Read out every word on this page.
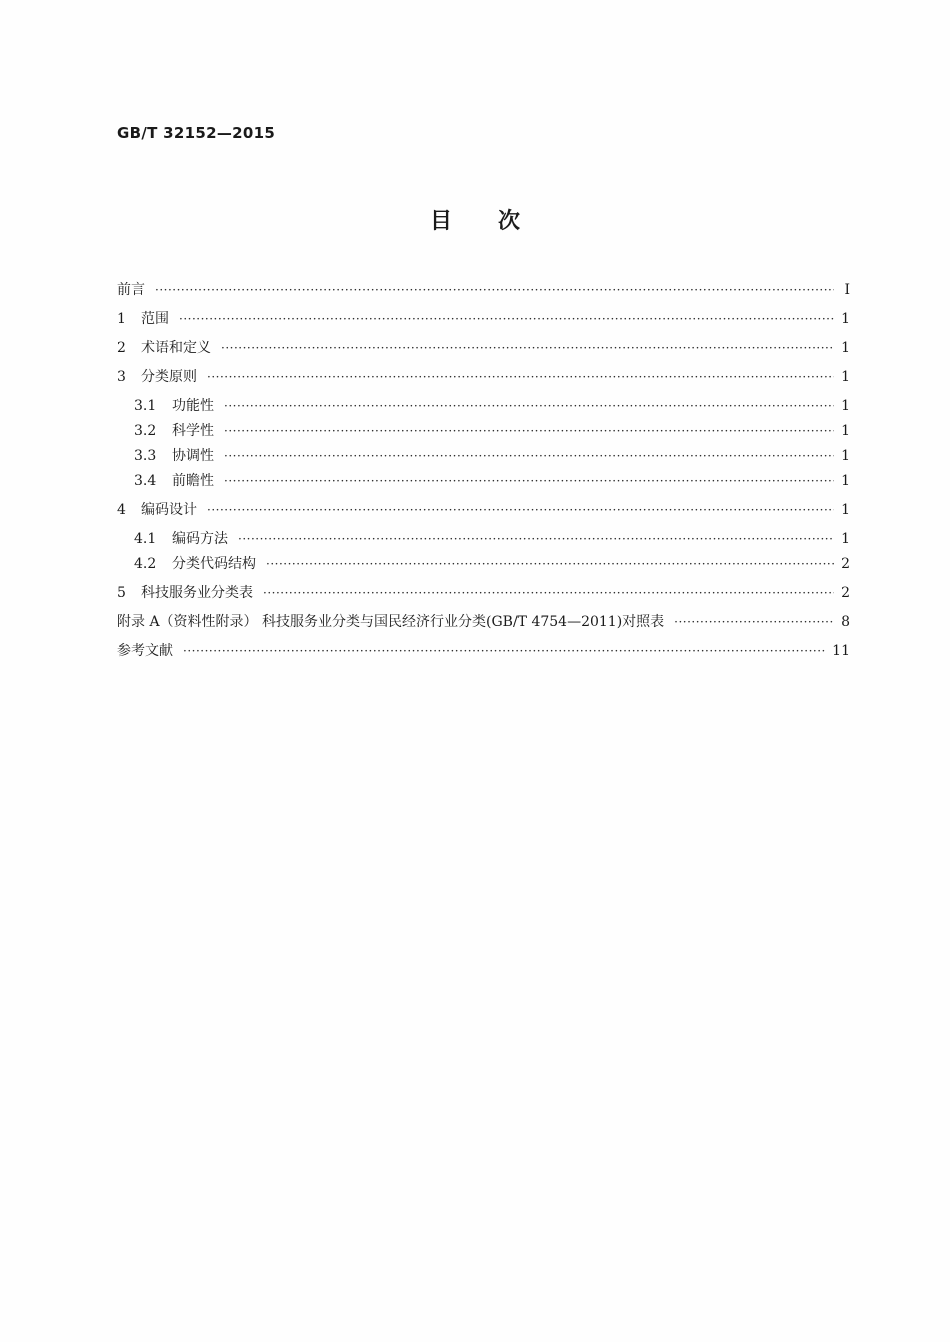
GB/T 32152—2015
目次
前言 ·····	Ⅰ
1	范围 ·····	1
2	术语和定义 ·····	1
3	分类原则 ·····	1
3.1	功能性 ·····	1
3.2	科学性 ·····	1
3.3	协调性 ·····	1
3.4	前瞻性 ·····	1
4	编码设计 ·····	1
4.1	编码方法 ·····	1
4.2	分类代码结构 ·····	2
5	科技服务业分类表 ·····	2
附录 A（资料性附录） 科技服务业分类与国民经济行业分类(GB/T 4754—2011)对照表 ·····	8
参考文献 ·····	11
